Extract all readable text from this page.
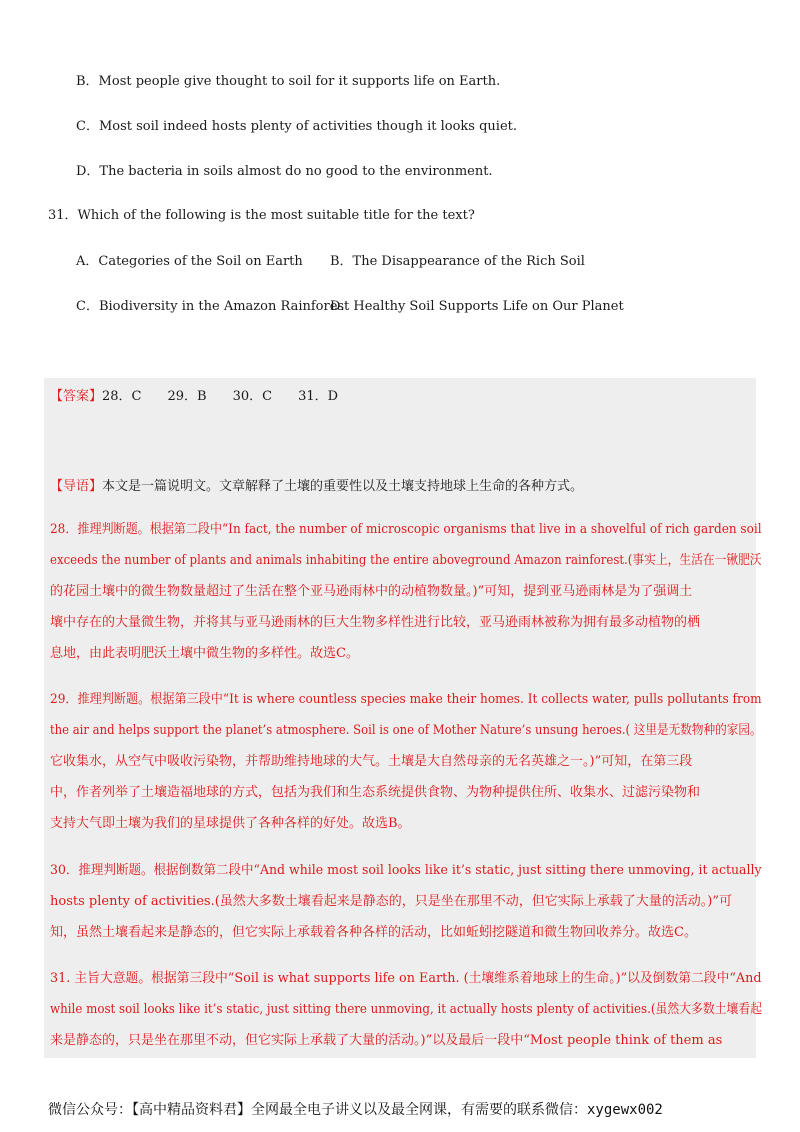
B．Most people give thought to soil for it supports life on Earth.
C．Most soil indeed hosts plenty of activities though it looks quiet.
D．The bacteria in soils almost do no good to the environment.
31．Which of the following is the most suitable title for the text?
A．Categories of the Soil on Earth B．The Disappearance of the Rich Soil
C．Biodiversity in the Amazon Rainforest
D．Healthy Soil Supports Life on Our Planet
【答案】28．C 29．B 30．C 31．D
【导语】本文是一篇说明文。文章解释了土壤的重要性以及土壤支持地球上生命的各种方式。
28．推理判断题。根据第二段中“In fact, the number of microscopic organisms that live in a shovelful of rich garden soil
exceeds the number of plants and animals inhabiting the entire aboveground Amazon rainforest.(事实上，生活在一锹肥沃
的花园土壤中的微生物数量超过了生活在整个亚马逊雨林中的动植物数量。)”可知，提到亚马逊雨林是为了强调土
壤中存在的大量微生物，并将其与亚马逊雨林的巨大生物多样性进行比较，亚马逊雨林被称为拥有最多动植物的栖
息地，由此表明肥沃土壤中微生物的多样性。故选C。
29．推理判断题。根据第三段中“It is where countless species make their homes. It collects water, pulls pollutants from
the air and helps support the planet’s atmosphere. Soil is one of Mother Nature’s unsung heroes.( 这里是无数物种的家园。
它收集水，从空气中吸收污染物，并帮助维持地球的大气。土壤是大自然母亲的无名英雄之一。)”可知，在第三段
中，作者列举了土壤造福地球的方式，包括为我们和生态系统提供食物、为物种提供住所、收集水、过滤污染物和
支持大气即土壤为我们的星球提供了各种各样的好处。故选B。
30．推理判断题。根据倒数第二段中“And while most soil looks like it’s static, just sitting there unmoving, it actually
hosts plenty of activities.(虽然大多数土壤看起来是静态的，只是坐在那里不动，但它实际上承载了大量的活动。)”可
知，虽然土壤看起来是静态的，但它实际上承载着各种各样的活动，比如蚯蚓挖隧道和微生物回收养分。故选C。
31. 主旨大意题。根据第三段中“Soil is what supports life on Earth. (土壤维系着地球上的生命。)”以及倒数第二段中“And
while most soil looks like it’s static, just sitting there unmoving, it actually hosts plenty of activities.(虽然大多数土壤看起
来是静态的，只是坐在那里不动，但它实际上承载了大量的活动。)”以及最后一段中“Most people think of them as
微信公众号：【高中精品资料君】全网最全电子讲义以及最全网课，有需要的联系微信：xygewx002
